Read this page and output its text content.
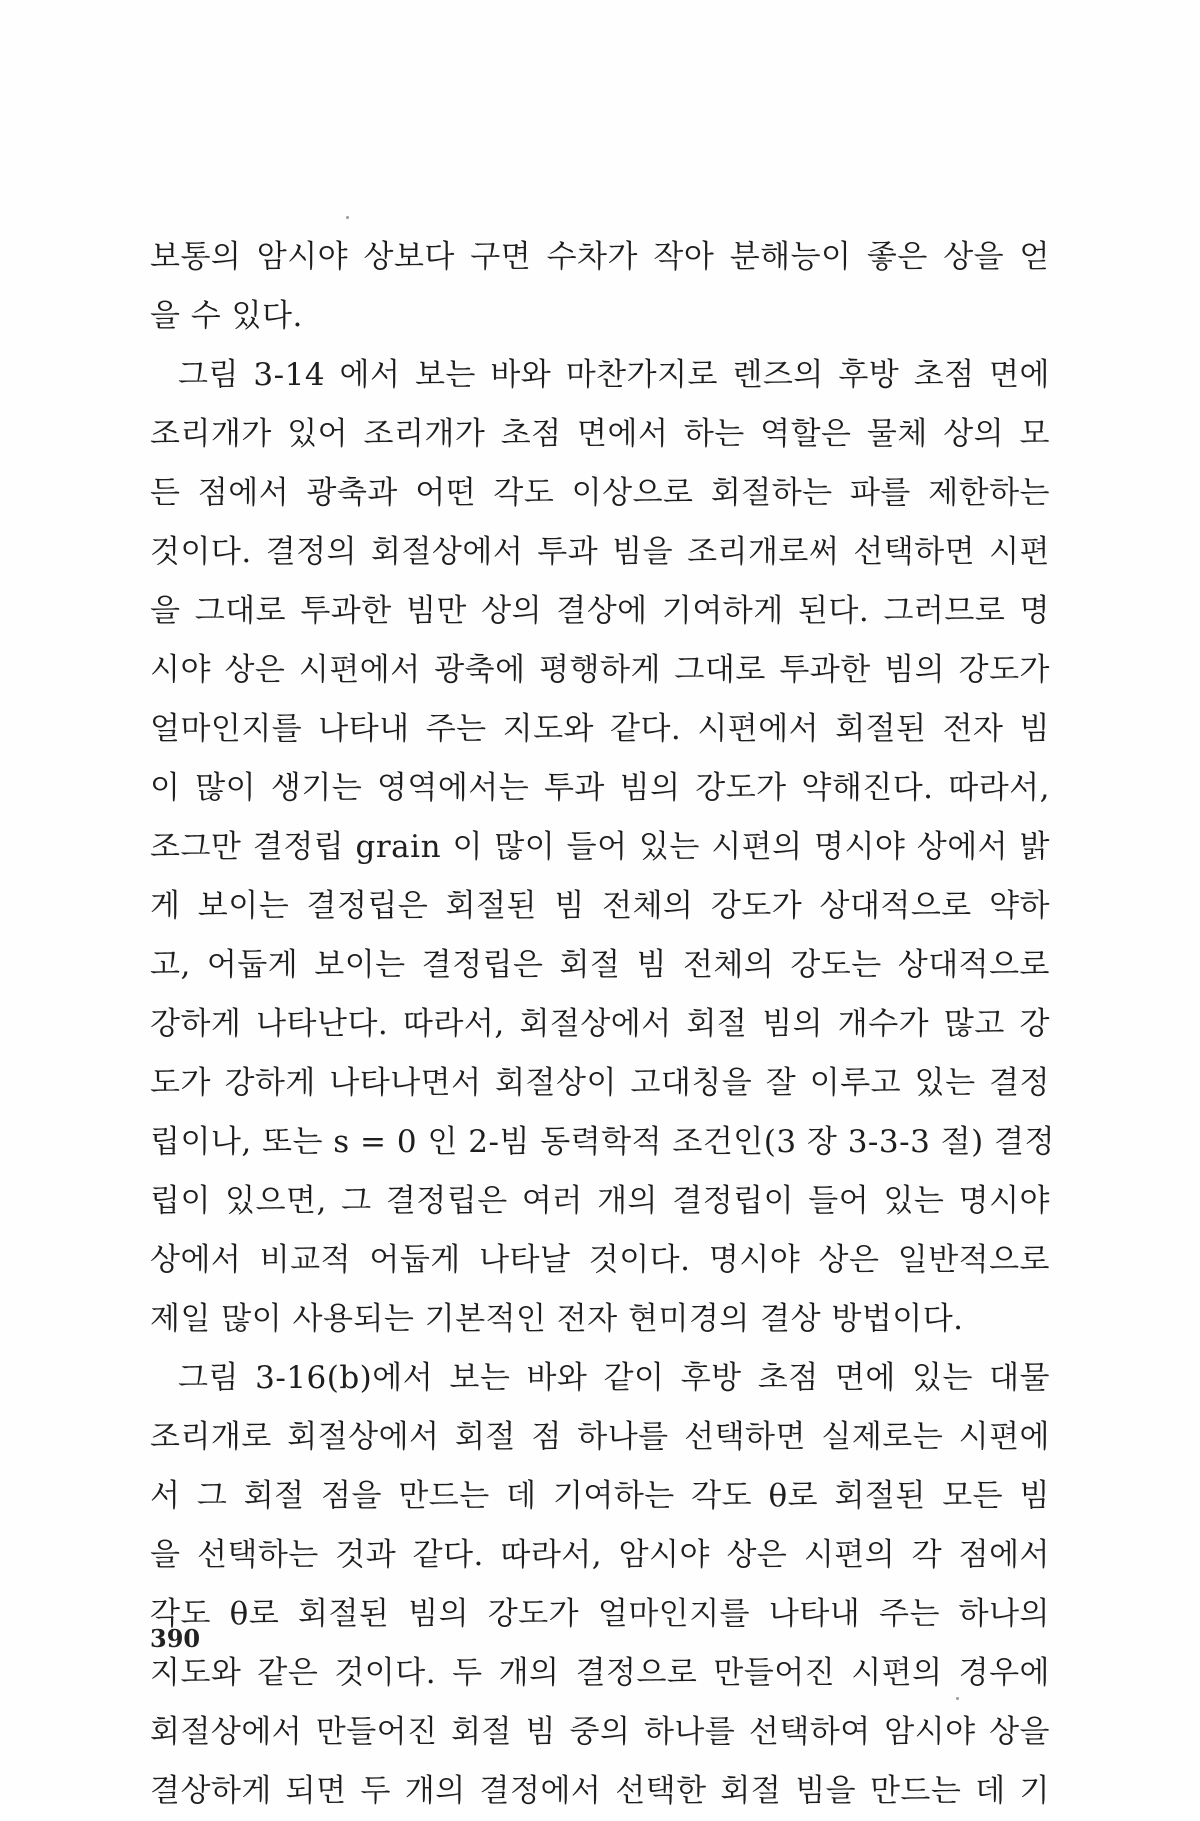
보통의 암시야 상보다 구면 수차가 작아 분해능이 좋은 상을 얻
을 수 있다.
그림 3-14 에서 보는 바와 마찬가지로 렌즈의 후방 초점 면에
조리개가 있어 조리개가 초점 면에서 하는 역할은 물체 상의 모
든 점에서 광축과 어떤 각도 이상으로 회절하는 파를 제한하는
것이다. 결정의 회절상에서 투과 빔을 조리개로써 선택하면 시편
을 그대로 투과한 빔만 상의 결상에 기여하게 된다. 그러므로 명
시야 상은 시편에서 광축에 평행하게 그대로 투과한 빔의 강도가
얼마인지를 나타내 주는 지도와 같다. 시편에서 회절된 전자 빔
이 많이 생기는 영역에서는 투과 빔의 강도가 약해진다. 따라서,
조그만 결정립 grain 이 많이 들어 있는 시편의 명시야 상에서 밝
게 보이는 결정립은 회절된 빔 전체의 강도가 상대적으로 약하
고, 어둡게 보이는 결정립은 회절 빔 전체의 강도는 상대적으로
강하게 나타난다. 따라서, 회절상에서 회절 빔의 개수가 많고 강
도가 강하게 나타나면서 회절상이 고대칭을 잘 이루고 있는 결정
립이나, 또는 s = 0 인 2-빔 동력학적 조건인(3 장 3-3-3 절) 결정
립이 있으면, 그 결정립은 여러 개의 결정립이 들어 있는 명시야
상에서 비교적 어둡게 나타날 것이다. 명시야 상은 일반적으로
제일 많이 사용되는 기본적인 전자 현미경의 결상 방법이다.
그림 3-16(b)에서 보는 바와 같이 후방 초점 면에 있는 대물
조리개로 회절상에서 회절 점 하나를 선택하면 실제로는 시편에
서 그 회절 점을 만드는 데 기여하는 각도 θ로 회절된 모든 빔
을 선택하는 것과 같다. 따라서, 암시야 상은 시편의 각 점에서
각도 θ로 회절된 빔의 강도가 얼마인지를 나타내 주는 하나의
지도와 같은 것이다. 두 개의 결정으로 만들어진 시편의 경우에
회절상에서 만들어진 회절 빔 중의 하나를 선택하여 암시야 상을
결상하게 되면 두 개의 결정에서 선택한 회절 빔을 만드는 데 기
390
